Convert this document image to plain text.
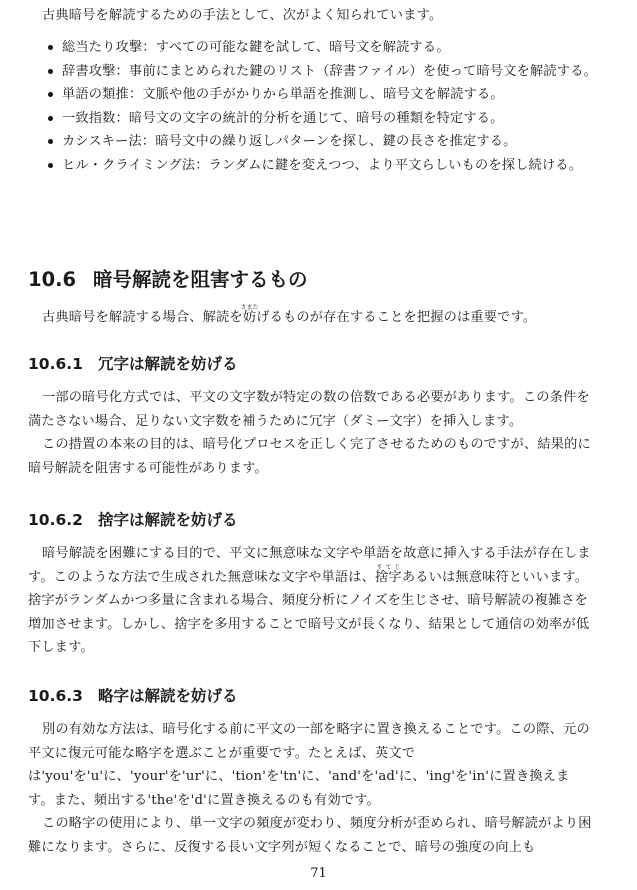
古典暗号を解読するための手法として、次がよく知られています。

総当たり攻撃：すべての可能な鍵を試して、暗号文を解読する。
辞書攻撃：事前にまとめられた鍵のリスト（辞書ファイル）を使って暗号文を解読する。
単語の類推：文脈や他の手がかりから単語を推測し、暗号文を解読する。
一致指数：暗号文の文字の統計的分析を通じて、暗号の種類を特定する。
カシスキー法：暗号文中の繰り返しパターンを探し、鍵の長さを推定する。
ヒル・クライミング法：ランダムに鍵を変えつつ、より平文らしいものを探し続ける。
10.6 暗号解読を阻害するもの

古典暗号を解読する場合、解読を妨さまたげるものが存在することを把握のは重要です。

10.6.1 冗字は解読を妨げる

一部の暗号化方式では、平文の文字数が特定の数の倍数である必要があります。この条件を満たさない場合、足りない文字数を補うために冗字（ダミー文字）を挿入します。

この措置の本来の目的は、暗号化プロセスを正しく完了させるためのものですが、結果的に暗号解読を阻害する可能性があります。

10.6.2 捨字は解読を妨げる

暗号解読を困難にする目的で、平文に無意味な文字や単語を故意に挿入する手法が存在します。このような方法で生成された無意味な文字や単語は、捨字すてじあるいは無意味符といいます。捨字がランダムかつ多量に含まれる場合、頻度分析にノイズを生じさせ、暗号解読の複雑さを増加させます。しかし、捨字を多用することで暗号文が長くなり、結果として通信の効率が低下します。

10.6.3 略字は解読を妨げる

別の有効な方法は、暗号化する前に平文の一部を略字に置き換えることです。この際、元の平文に復元可能な略字を選ぶことが重要です。たとえば、英文では'you'を'u'に、'your'を'ur'に、'tion'を'tn'に、'and'を'ad'に、'ing'を'in'に置き換えます。また、頻出する'the'を'd'に置き換えるのも有効です。

この略字の使用により、単一文字の頻度が変わり、頻度分析が歪められ、暗号解読がより困難になります。さらに、反復する長い文字列が短くなることで、暗号の強度の向上も

71
